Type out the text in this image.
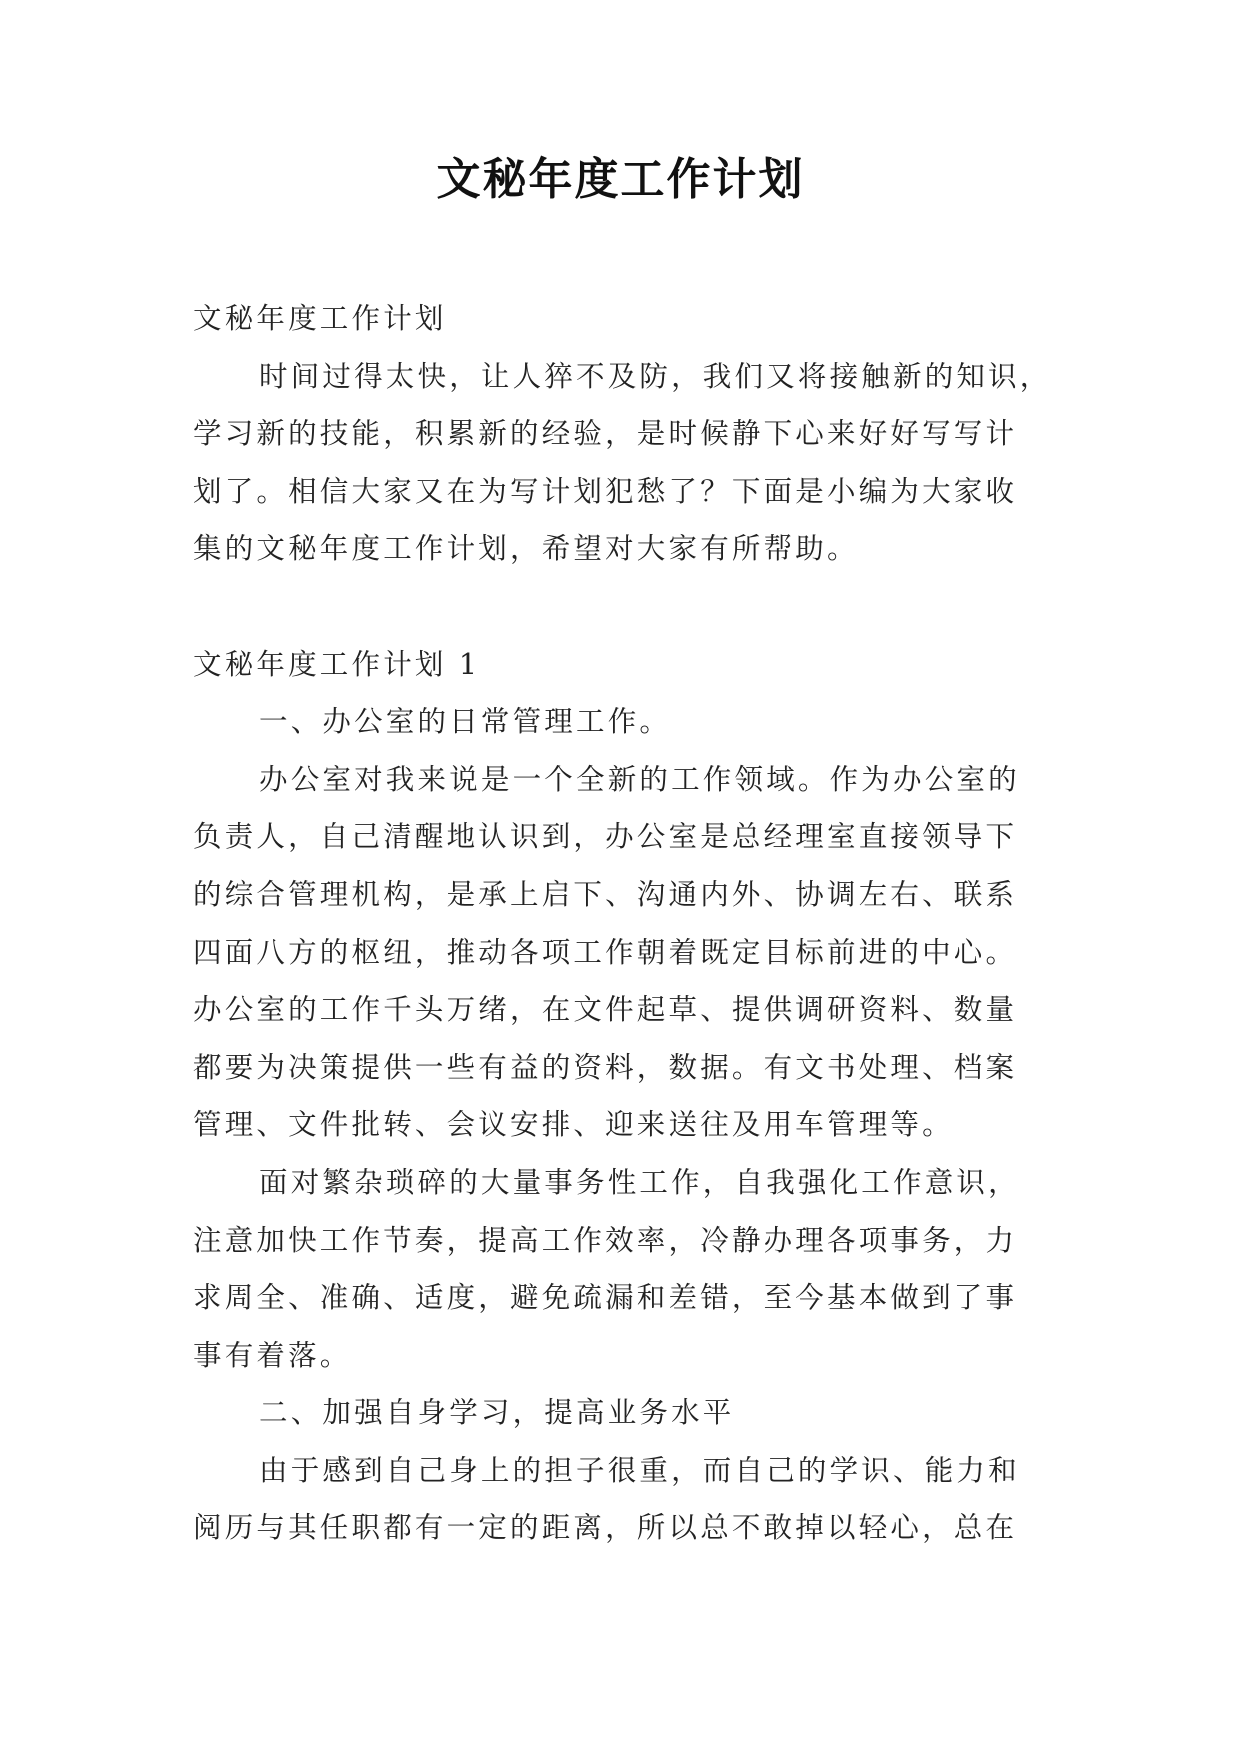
文秘年度工作计划
文秘年度工作计划
时间过得太快，让人猝不及防，我们又将接触新的知识，
学习新的技能，积累新的经验，是时候静下心来好好写写计
划了。相信大家又在为写计划犯愁了？下面是小编为大家收
集的文秘年度工作计划，希望对大家有所帮助。
文秘年度工作计划 1
一、办公室的日常管理工作。
办公室对我来说是一个全新的工作领域。作为办公室的
负责人，自己清醒地认识到，办公室是总经理室直接领导下
的综合管理机构，是承上启下、沟通内外、协调左右、联系
四面八方的枢纽，推动各项工作朝着既定目标前进的中心。
办公室的工作千头万绪，在文件起草、提供调研资料、数量
都要为决策提供一些有益的资料，数据。有文书处理、档案
管理、文件批转、会议安排、迎来送往及用车管理等。
面对繁杂琐碎的大量事务性工作，自我强化工作意识，
注意加快工作节奏，提高工作效率，冷静办理各项事务，力
求周全、准确、适度，避免疏漏和差错，至今基本做到了事
事有着落。
二、加强自身学习，提高业务水平
由于感到自己身上的担子很重，而自己的学识、能力和
阅历与其任职都有一定的距离，所以总不敢掉以轻心，总在
